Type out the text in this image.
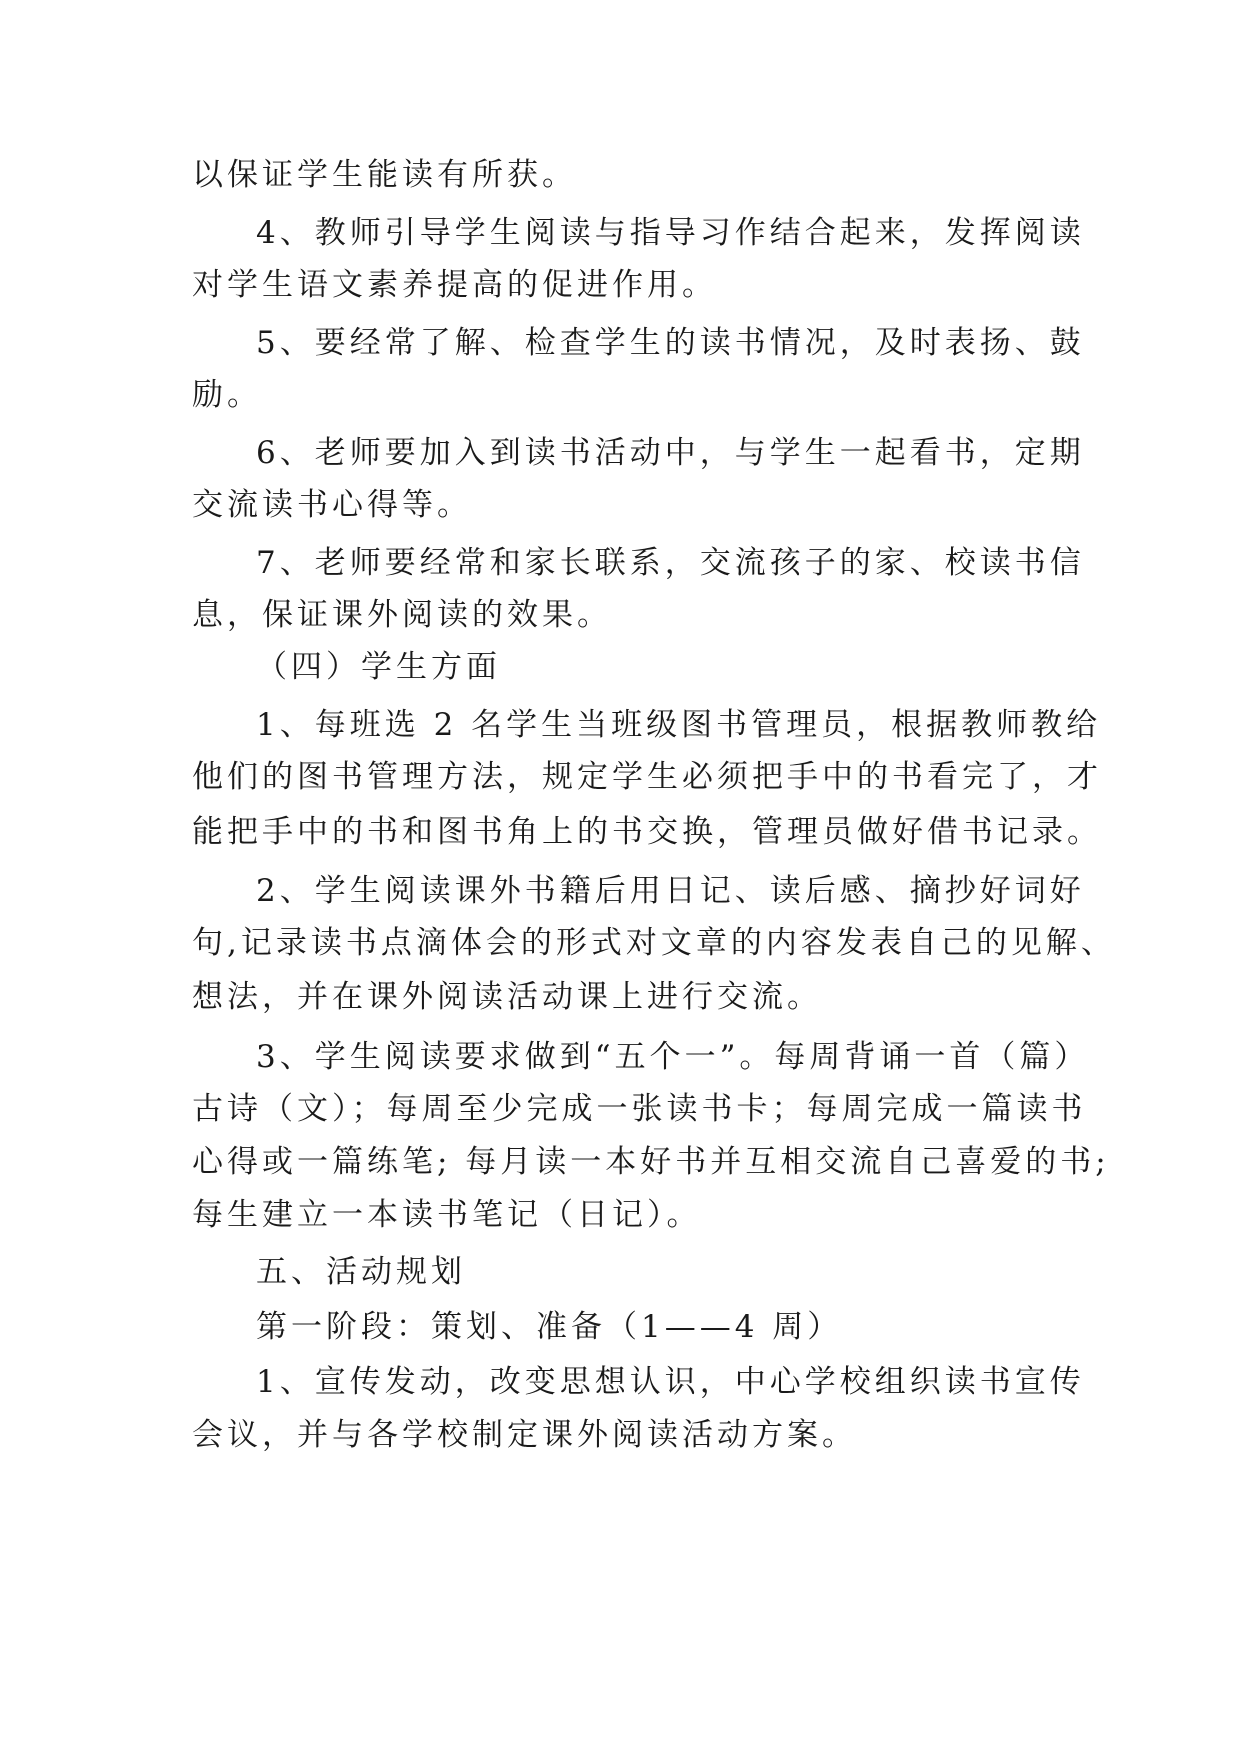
以保证学生能读有所获。
4、教师引导学生阅读与指导习作结合起来，发挥阅读
对学生语文素养提高的促进作用。
5、要经常了解、检查学生的读书情况，及时表扬、鼓
励。
6、老师要加入到读书活动中，与学生一起看书，定期
交流读书心得等。
7、老师要经常和家长联系，交流孩子的家、校读书信
息，保证课外阅读的效果。
（四）学生方面
1、每班选 2 名学生当班级图书管理员，根据教师教给
他们的图书管理方法，规定学生必须把手中的书看完了，才
能把手中的书和图书角上的书交换，管理员做好借书记录。
2、学生阅读课外书籍后用日记、读后感、摘抄好词好
句,记录读书点滴体会的形式对文章的内容发表自己的见解、
想法，并在课外阅读活动课上进行交流。
3、学生阅读要求做到“五个一”。每周背诵一首（篇）
古诗（文）；每周至少完成一张读书卡；每周完成一篇读书
心得或一篇练笔; 每月读一本好书并互相交流自己喜爱的书;
每生建立一本读书笔记（日记）。
五、活动规划
第一阶段：策划、准备（1——4 周）
1、宣传发动，改变思想认识，中心学校组织读书宣传
会议，并与各学校制定课外阅读活动方案。
